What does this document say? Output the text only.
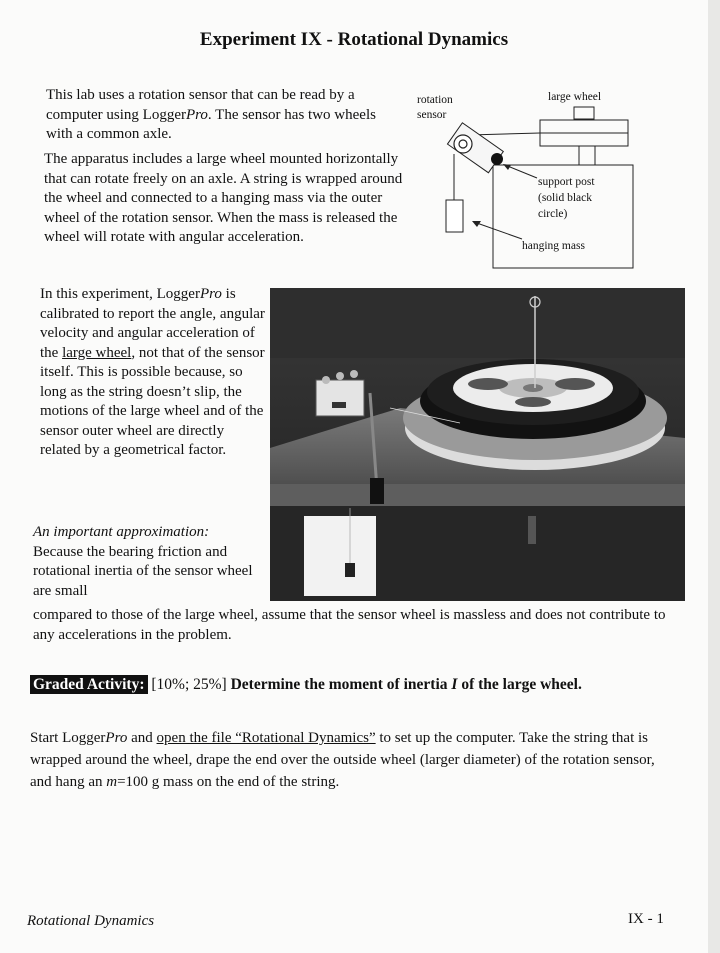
Experiment IX - Rotational Dynamics

This lab uses a rotation sensor that can be read by a computer using LoggerPro. The sensor has two wheels with a common axle.

The apparatus includes a large wheel mounted horizontally that can rotate freely on an axle. A string is wrapped around the wheel and connected to a hanging mass via the outer wheel of the rotation sensor. When the mass is released the wheel will rotate with angular acceleration.

rotation
sensor
large wheel
support post
(solid black
circle)
hanging mass

In this experiment, LoggerPro is calibrated to report the angle, angular velocity and angular acceleration of the large wheel, not that of the sensor itself. This is possible because, so long as the string doesn’t slip, the motions of the large wheel and of the sensor outer wheel are directly related by a geometrical factor.

An important approximation:
Because the bearing friction and rotational inertia of the sensor wheel are small

compared to those of the large wheel, assume that the sensor wheel is massless and does not contribute to any accelerations in the problem.

Graded Activity: [10%; 25%] Determine the moment of inertia I of the large wheel.

Start LoggerPro and open the file “Rotational Dynamics” to set up the computer. Take the string that is wrapped around the wheel, drape the end over the outside wheel (larger diameter) of the rotation sensor, and hang an m=100 g mass on the end of the string.

Rotational Dynamics	IX - 1
